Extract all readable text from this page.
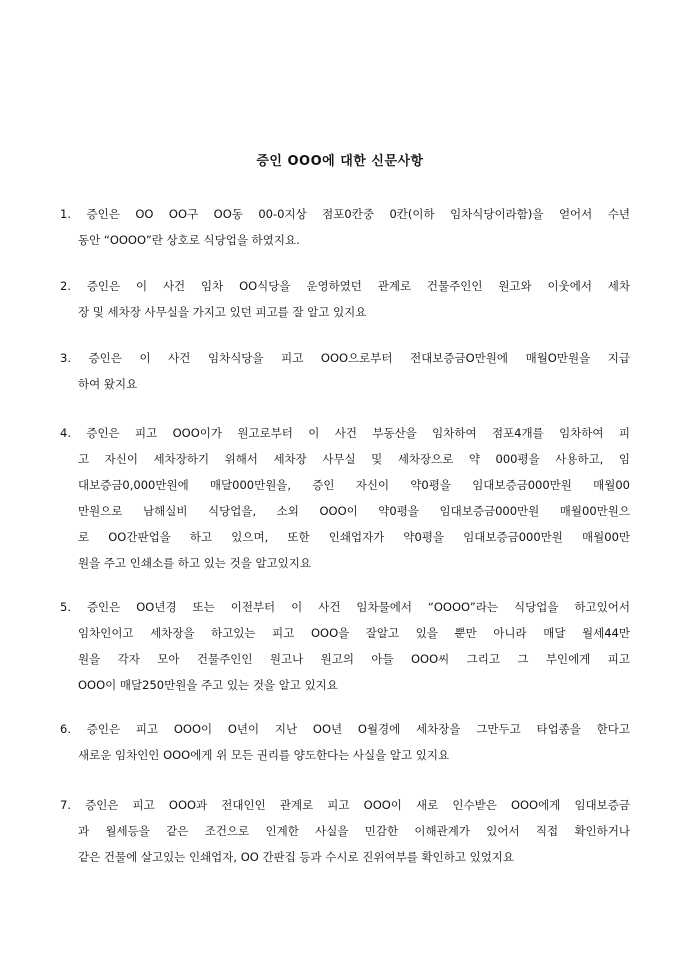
증인 OOO에 대한 신문사항
1. 증인은 OO OO구 OO동 00-0지상 점포0칸중 0칸(이하 임차식당이라함)을 얻어서 수년
동안 “OOOO”란 상호로 식당업을 하였지요.
2. 증인은 이 사건 임차 OO식당을 운영하였던 관계로 건물주인인 원고와 이웃에서 세차
장 및 세차장 사무실을 가지고 있던 피고를 잘 알고 있지요
3. 증인은 이 사건 임차식당을 피고 OOO으로부터 전대보증금O만원에 매월O만원을 지급
하여 왔지요
4. 증인은 피고 OOO이가 원고로부터 이 사건 부동산을 임차하여 점포4개를 임차하여 피
고 자신이 세차장하기 위해서 세차장 사무실 및 세차장으로 약 000평을 사용하고, 임
대보증금0,000만원에 매달000만원을, 증인 자신이 약0평을 임대보증금000만원 매월00
만원으로 남해실비 식당업을, 소외 OOO이 약0평을 임대보증금000만원 매월00만원으
로 OO간판업을 하고 있으며, 또한 인쇄업자가 약0평을 임대보증금000만원 매월00만
원을 주고 인쇄소를 하고 있는 것을 알고있지요
5. 증인은 OO년경 또는 이전부터 이 사건 임차물에서 “OOOO”라는 식당업을 하고있어서
임차인이고 세차장을 하고있는 피고 OOO을 잘알고 있을 뿐만 아니라 매달 월세44만
원을 각자 모아 건물주인인 원고나 원고의 아들 OOO씨 그리고 그 부인에게 피고
OOO이 매달250만원을 주고 있는 것을 알고 있지요
6. 증인은 피고 OOO이 O년이 지난 OO년 O월경에 세차장을 그만두고 타업종을 한다고
새로운 임차인인 OOO에게 위 모든 권리를 양도한다는 사실을 알고 있지요
7. 증인은 피고 OOO과 전대인인 관계로 피고 OOO이 새로 인수받은 OOO에게 임대보증금
과 월세등을 같은 조건으로 인계한 사실을 민감한 이해관계가 있어서 직접 확인하거나
같은 건물에 살고있는 인쇄업자, OO 간판집 등과 수시로 진위여부를 확인하고 있었지요
